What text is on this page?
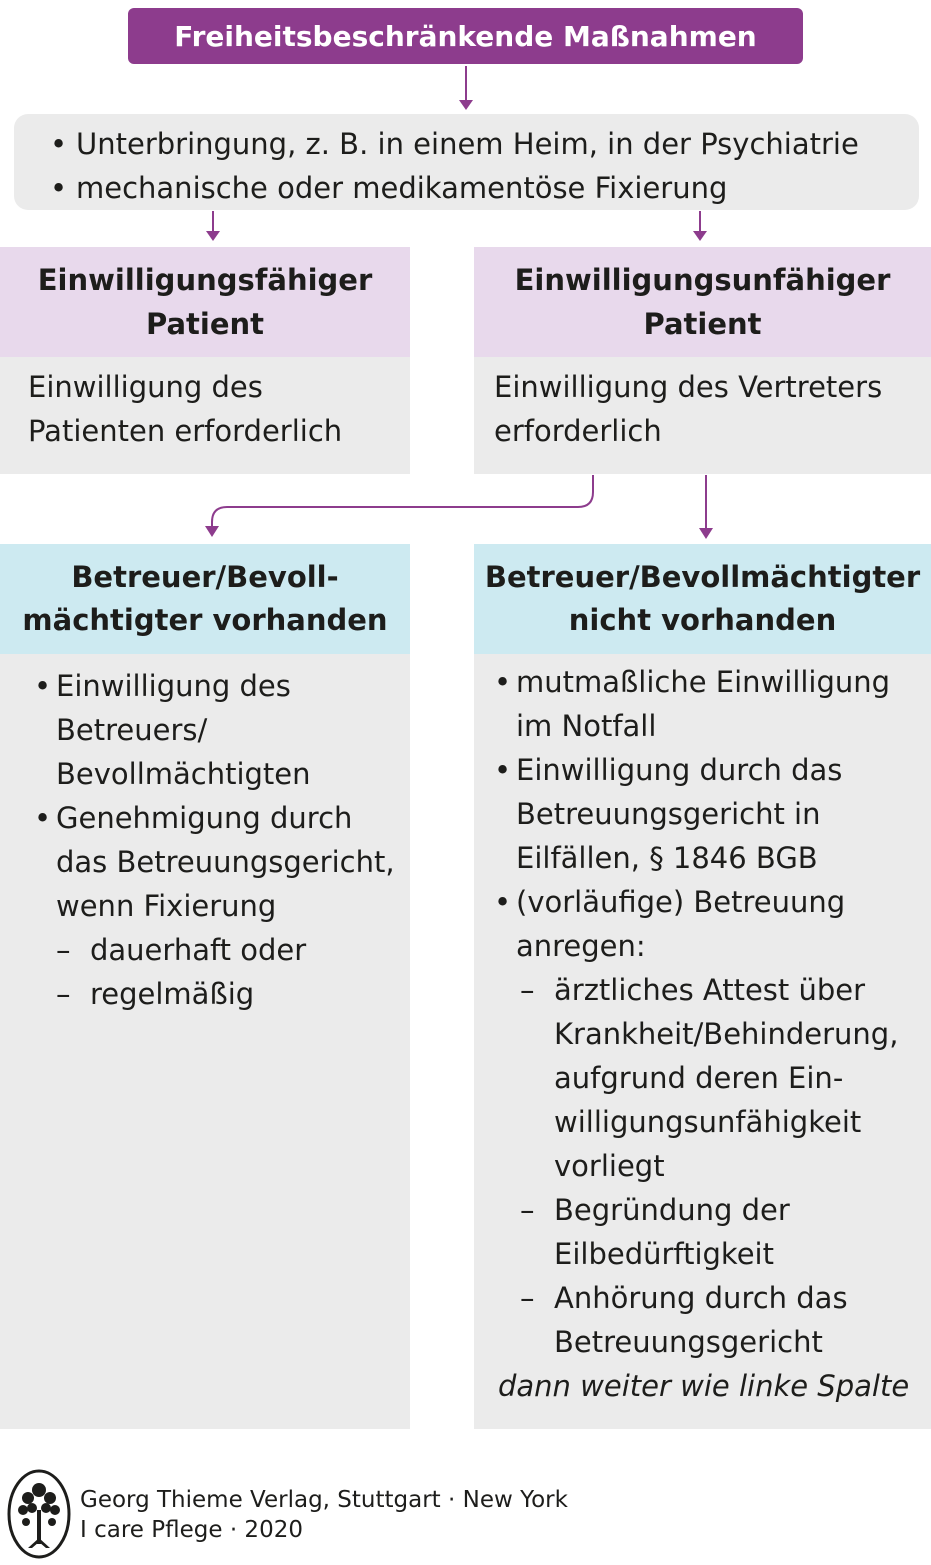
Freiheitsbeschränkende Maßnahmen
• Unterbringung, z. B. in einem Heim, in der Psychiatrie
• mechanische oder medikamentöse Fixierung
Einwilligungsfähiger
Patient
Einwilligung des
Patienten erforderlich
Einwilligungsunfähiger
Patient
Einwilligung des Vertreters
erforderlich
Betreuer/Bevoll-
mächtigter vorhanden
• Einwilligung des
Betreuers/
Bevollmächtigten
• Genehmigung durch
das Betreuungsgericht,
wenn Fixierung
– dauerhaft oder
– regelmäßig
Betreuer/Bevollmächtigter
nicht vorhanden
• mutmaßliche Einwilligung
im Notfall
• Einwilligung durch das
Betreuungsgericht in
Eilfällen, § 1846 BGB
• (vorläufige) Betreuung
anregen:
– ärztliches Attest über
Krankheit/Behinderung,
aufgrund deren Ein-
willigungsunfähigkeit
vorliegt
– Begründung der
Eilbedürftigkeit
– Anhörung durch das
Betreuungsgericht
dann weiter wie linke Spalte
Georg Thieme Verlag, Stuttgart · New York
I care Pflege · 2020
